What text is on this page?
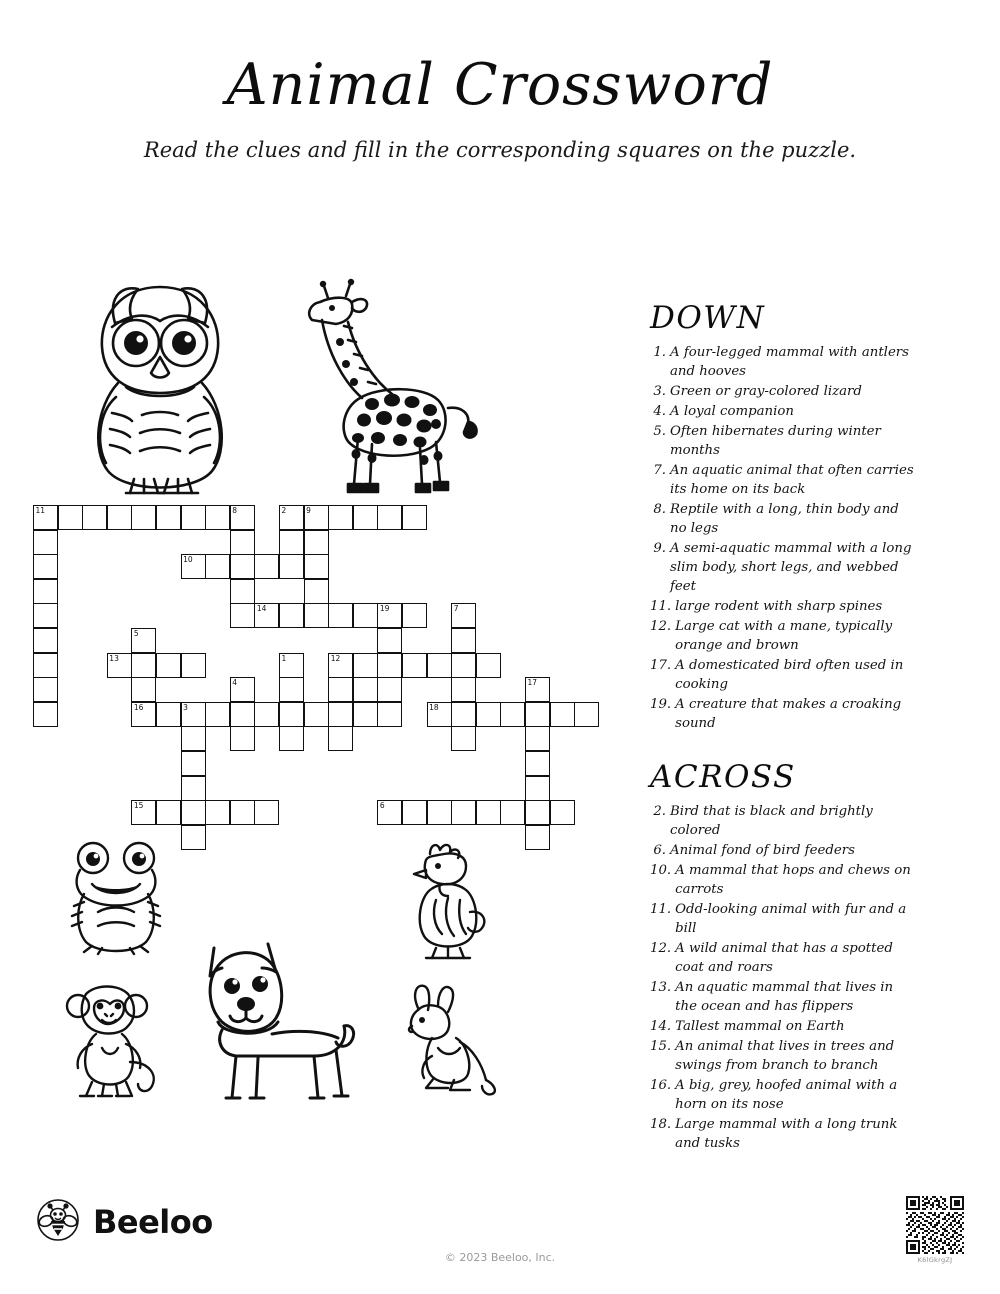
Animal Crossword
Read the clues and fill in the corresponding squares on the puzzle.
11	8	2	9
10
14	19	7
5
13	1	12
4	17
16	3	18
15	6
DOWN
1. A four-legged mammal with antlers and hooves
3. Green or gray-colored lizard
4. A loyal companion
5. Often hibernates during winter months
7. An aquatic animal that often carries its home on its back
8. Reptile with a long, thin body and no legs
9. A semi-aquatic mammal with a long slim body, short legs, and webbed feet
11. large rodent with sharp spines
12. Large cat with a mane, typically orange and brown
17. A domesticated bird often used in cooking
19. A creature that makes a croaking sound
ACROSS
2. Bird that is black and brightly colored
6. Animal fond of bird feeders
10. A mammal that hops and chews on carrots
11. Odd-looking animal with fur and a bill
12. A wild animal that has a spotted coat and roars
13. An aquatic mammal that lives in the ocean and has flippers
14. Tallest mammal on Earth
15. An animal that lives in trees and swings from branch to branch
16. A big, grey, hoofed animal with a horn on its nose
18. Large mammal with a long trunk and tusks
Beeloo
© 2023 Beeloo, Inc.	K6lGkrgZJ
